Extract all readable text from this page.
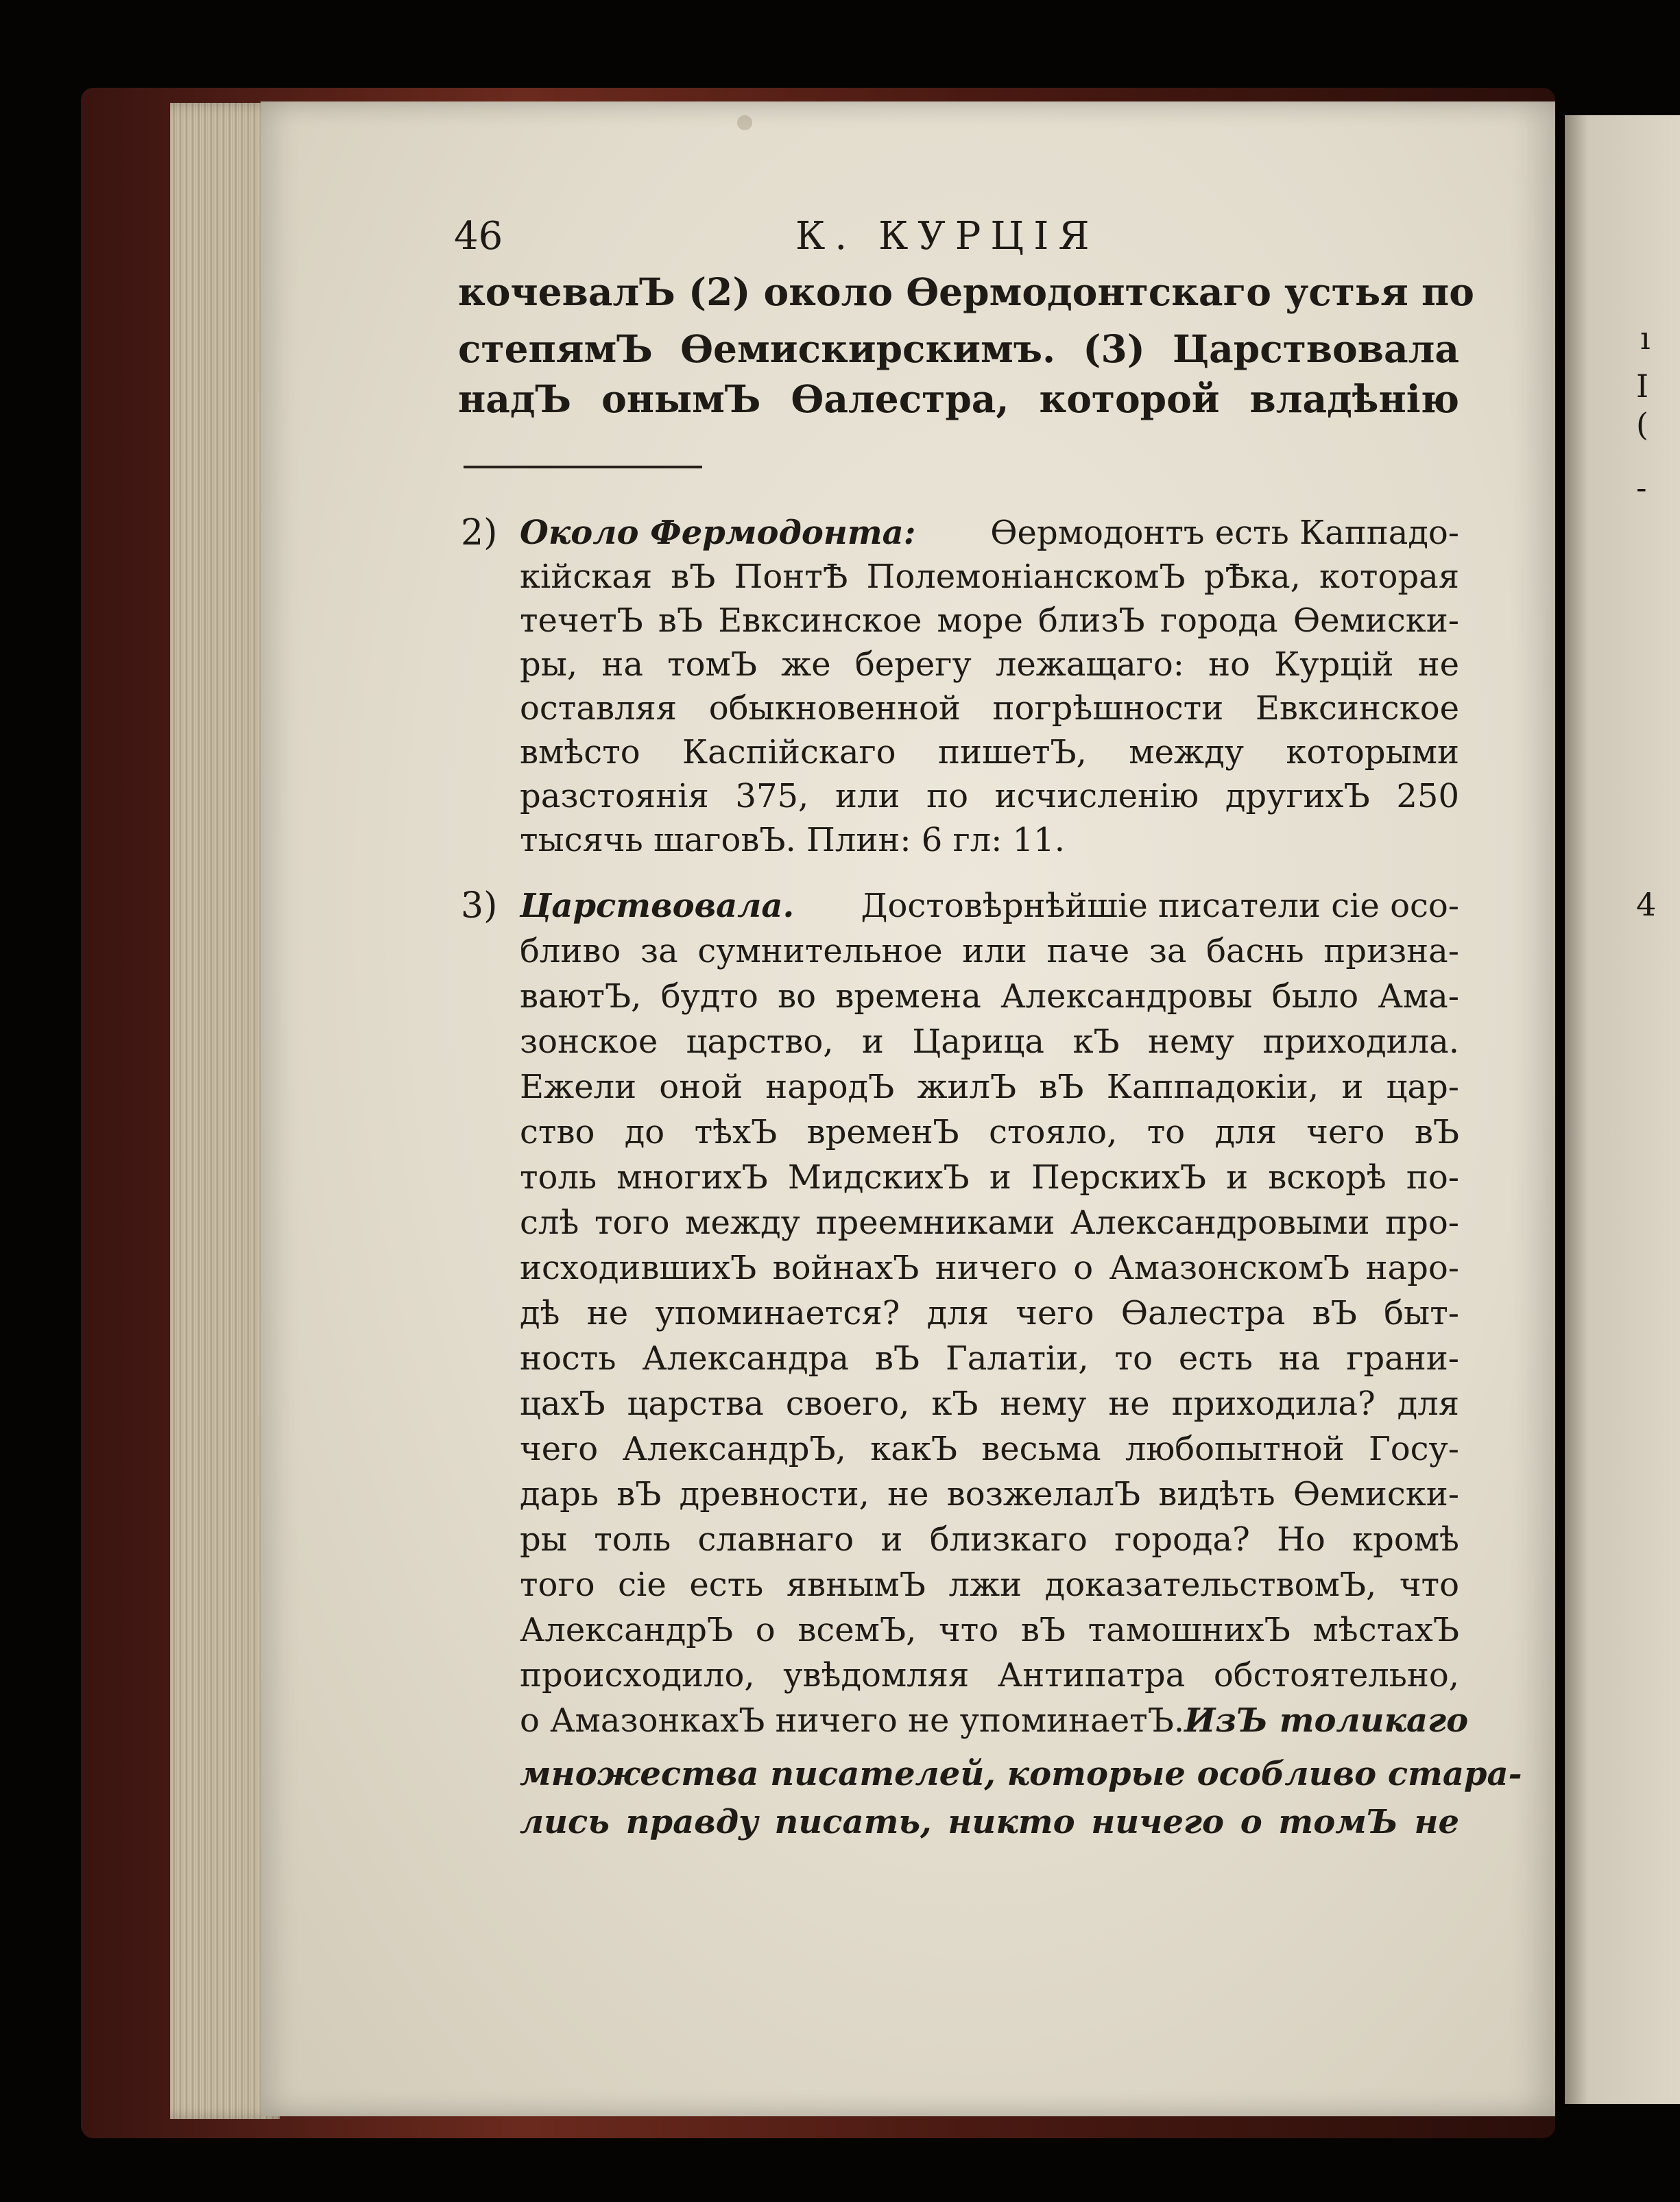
ı
I
(
-
4
46	К. КУРЦІЯ
кочевалЪ (2) около Өермодонтскаго устья по
степямЪ Өемискирскимъ. (3) Царствовала
надЪ онымЪ Өалестра, которой владѣнію
2) Около Фермодонта: Өермодонтъ есть Каппадо-
кійская вЪ ПонтѢ ПолемоніанскомЪ рѢка, которая
течетЪ вЪ Евксинское море близЪ города Өемиски-
ры, на томЪ же берегу лежащаго: но Курцій не
оставляя обыкновенной погрѣшности Евксинское
вмѣсто Каспійскаго пишетЪ, между которыми
разстоянія 375, или по исчисленію другихЪ 250
тысячь шаговЪ. Плин: 6 гл: 11.
3) Царствовала. Достовѣрнѣйшіе писатели сіе осо-
бливо за сумнительное или паче за баснь призна-
ваютЪ, будто во времена Александровы было Ама-
зонское царство, и Царица кЪ нему приходила.
Ежели оной народЪ жилЪ вЪ Каппадокіи, и цар-
ство до тѣхЪ временЪ стояло, то для чего вЪ
толь многихЪ МидскихЪ и ПерскихЪ и вскорѣ по-
слѣ того между преемниками Александровыми про-
исходившихЪ войнахЪ ничего о АмазонскомЪ наро-
дѣ не упоминается? для чего Өалестра вЪ быт-
ность Александра вЪ Галатіи, то есть на грани-
цахЪ царства своего, кЪ нему не приходила? для
чего АлександрЪ, какЪ весьма любопытной Госу-
дарь вЪ древности, не возжелалЪ видѣть Өемиски-
ры толь славнаго и близкаго города? Но кромѣ
того сіе есть явнымЪ лжи доказательствомЪ, что
АлександрЪ о всемЪ, что вЪ тамошнихЪ мѣстахЪ
происходило, увѣдомляя Антипатра обстоятельно,
о АмазонкахЪ ничего не упоминаетЪ. ИзЪ толикаго
множества писателей, которые особливо стара-
лись правду писать, никто ничего о томЪ не
